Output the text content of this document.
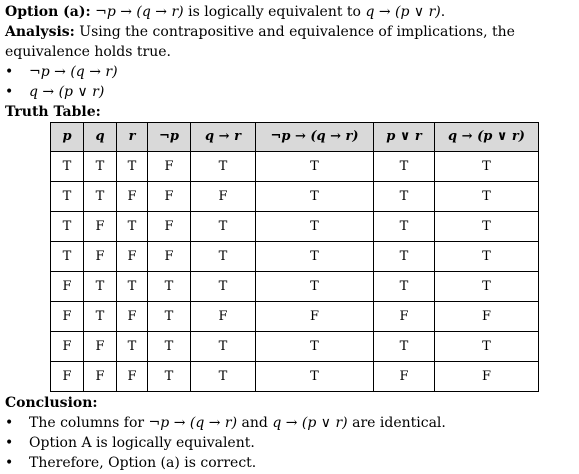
Option (a): ¬p → (q → r) is logically equivalent to q → (p ∨ r).
Analysis: Using the contrapositive and equivalence of implications, the equivalence holds true.
•	¬p → (q → r)
•	q → (p ∨ r)
Truth Table:
p	q	r	¬p	q → r	¬p → (q → r)	p ∨ r	q → (p ∨ r)
T	T	T	F	T	T	T	T
T	T	F	F	F	T	T	T
T	F	T	F	T	T	T	T
T	F	F	F	T	T	T	T
F	T	T	T	T	T	T	T
F	T	F	T	F	F	F	F
F	F	T	T	T	T	T	T
F	F	F	T	T	T	F	F
Conclusion:
•	The columns for ¬p → (q → r) and q → (p ∨ r) are identical.
•	Option A is logically equivalent.
•	Therefore, Option (a) is correct.
